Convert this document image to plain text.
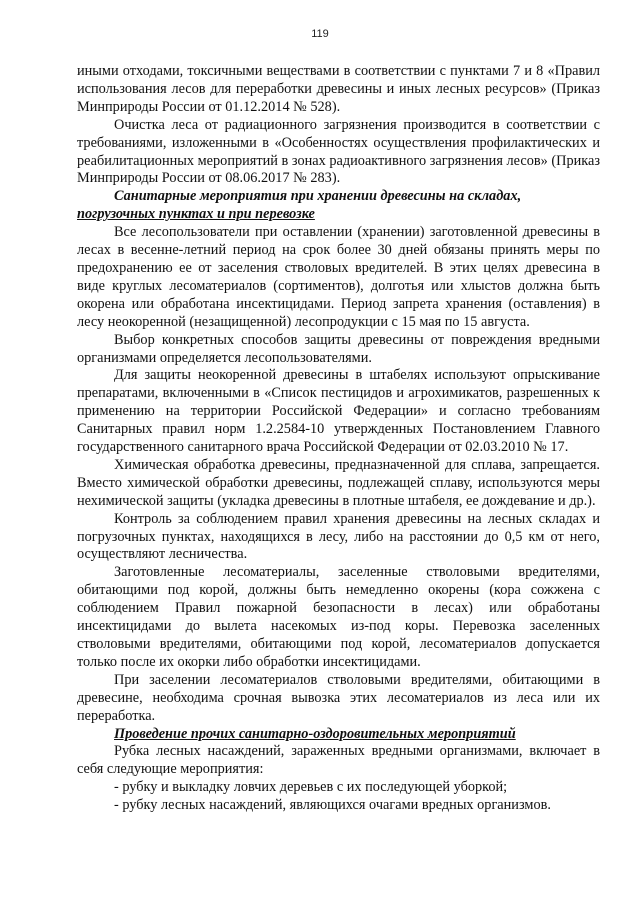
119

иными отходами, токсичными веществами в соответствии с пунктами 7 и 8 «Правил использования лесов для переработки древесины и иных лесных ресурсов» (Приказ Минприроды России от 01.12.2014 № 528).

Очистка леса от радиационного загрязнения производится в соответствии с требованиями, изложенными в «Особенностях осуществления профилактических и реабилитационных мероприятий в зонах радиоактивного загрязнения лесов» (Приказ Минприроды России от 08.06.2017 № 283).

Санитарные мероприятия при хранении древесины на складах,
погрузочных пунктах и при перевозке

Все лесопользователи при оставлении (хранении) заготовленной древесины в лесах в весенне-летний период на срок более 30 дней обязаны принять меры по предохранению ее от заселения стволовых вредителей. В этих целях древесина в виде круглых лесоматериалов (сортиментов), долготья или хлыстов должна быть окорена или обработана инсектицидами. Период запрета хранения (оставления) в лесу неокоренной (незащищенной) лесопродукции с 15 мая по 15 августа.

Выбор конкретных способов защиты древесины от повреждения вредными организмами определяется лесопользователями.

Для защиты неокоренной древесины в штабелях используют опрыскивание препаратами, включенными в «Список пестицидов и агрохимикатов, разрешенных к применению на территории Российской Федерации» и согласно требованиям Санитарных правил норм 1.2.2584-10 утвержденных Постановлением Главного государственного санитарного врача Российской Федерации от 02.03.2010 № 17.

Химическая обработка древесины, предназначенной для сплава, запрещается. Вместо химической обработки древесины, подлежащей сплаву, используются меры нехимической защиты (укладка древесины в плотные штабеля, ее дождевание и др.).

Контроль за соблюдением правил хранения древесины на лесных складах и погрузочных пунктах, находящихся в лесу, либо на расстоянии до 0,5 км от него, осуществляют лесничества.

Заготовленные лесоматериалы, заселенные стволовыми вредителями, обитающими под корой, должны быть немедленно окорены (кора сожжена с соблюдением Правил пожарной безопасности в лесах) или обработаны инсектицидами до вылета насекомых из-под коры. Перевозка заселенных стволовыми вредителями, обитающими под корой, лесоматериалов допускается только после их окорки либо обработки инсектицидами.

При заселении лесоматериалов стволовыми вредителями, обитающими в древесине, необходима срочная вывозка этих лесоматериалов из леса или их переработка.

Проведение прочих санитарно-оздоровительных мероприятий

Рубка лесных насаждений, зараженных вредными организмами, включает в себя следующие мероприятия:

- рубку и выкладку ловчих деревьев с их последующей уборкой;

- рубку лесных насаждений, являющихся очагами вредных организмов.
